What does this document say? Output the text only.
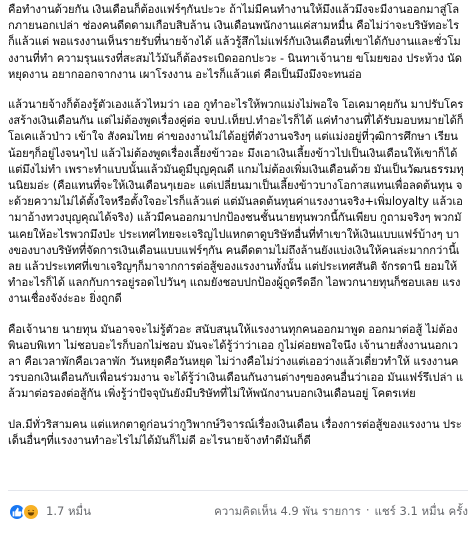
คือทำงานด้วยกัน เงินเดือนก็ต้องแฟร์ๆกันปะวะ ถ้าไม่มีคนทำงานให้มึงแล้วมึงจะมีงานออกมาสู่โลกภายนอกเปล่า ช่องคนดีดดามเกือบสิบล้าน เงินเดือนพนักงานแค่สามหมื่น คือไม่ว่าจะบริษัทอะไรก็แล้วแต่ พอแรงงานเห็นรายรับที่นายจ้างได้ แล้วรู้สึกไม่แฟร์กับเงินเดือนที่เขาได้กับงานและชั่วโมงงานที่ทำ ความรุนแรงที่สะสมไว้มันก็ต้องระเบิดออกปะวะ - นินทาเจ้านาย ขโมยของ ประท้วง นัดหยุดงาน อยากออกจากงาน เผาโรงงาน อะไรก็แล้วแต่ คือเป็นมึงมึงจะทนอ่อ

แล้วนายจ้างก็ต้องรู้ตัวเองแล้วไหมว่า เออ กูทำอะไรให้พวกแม่งไม่พอใจ โอเคมาคุยกัน มาปรับโครงสร้างเงินเดือนกัน แต่ไม่ต้องพูดเรื่องคู่ต่อ จบป.เท็ยป.ทำอะไรก็ได้ แค่ทำงานที่ได้รับมอบหมายได้ก็โอเคแล้วป่าว เข้าใจ สังคมไทย ค่าของงานไม่ได้อยู่ที่ตัวงานจริงๆ แต่แม่งอยู่ที่วุฒิการศึกษา เรียนน้อยๆก็อยู่ไงจนๆไป แล้วไม่ต้องพูดเรื่องเลี้ยงข้าวอะ มึงเอาเงินเลี้ยงข้าวไปเป็นเงินเดือนให้เขาก็ได้ แต่มึงไม่ทำ เพราะทำแบบนั้นแล้วมันดูมีบุญคุณดี แกมไม่ต้องเพิ่มเงินเดือนด้วย มันเป็นวัฒนธรรมทุนนิยมอ่ะ (คือแทนที่จะให้เงินเดือนๆเยอะ แต่เปลี่ยนมาเป็นเลี้ยงข้าวบางโอกาสแทนเพื่อลดต้นทุน จะด้วยความไม่ได้ตั้งใจหรือตั้งใจอะไรก็แล้วแต่ แต่มันลดต้นทุนค่าแรงงานจริง+เพิ่มloyalty แล้วเอามาอ้างทวงบุญคุณได้จริง) แล้วมีคนออกมาปกป้องชนชั้นนายทุนพวกนี้กันเพียบ กูถามจริงๆ พวกมันเคยให้อะไรพวกมึงป่ะ ประเทศไทยจะเจริญไปแหกตาดูบริษัทอื่นที่ทำเขาให้เงินแบบแฟร์บ้างๆ บางของบางบริษัทที่จัดการเงินเดือนแบบแฟร์ๆกัน คนดีดตามไม่ถึงล้านยังแบ่งเงินให้คนล่ะมากกว่านี้เลย แล้วประเทศที่เขาเจริญๆก็มาจากการต่อสู้ของแรงงานทั้งนั้น แต่ประเทศสันติ จักรดานี ยอมให้ทำอะไรก็ได้ แลกกับการอยู่รอดไปวันๆ แถมยังชอบปกป้องผู้ถูดรีดอีก ไอพวกนายทุนก็ชอบเลย แรงงานเชื่องจังง่ะอะ ยิ่งถูกดี

คือเจ้านาย นายทุน มันอาจจะไม่รู้ตัวอะ สนับสนุนให้แรงงานทุกคนออกมาพูด ออกมาต่อสู้ ไม่ต้องพินอบพิเทา ไม่ชอบอะไรก็บอกไม่ชอบ มันจะได้รู้ว่าว่าเออ กูไม่ค่อยพอใจนึง เจ้านายสั่งงานนอกเวลา คือเวลาพักคือเวลาพัก วันหยุดคือวันหยุด ไม่ว่างคือไม่ว่างแต่เออว่างแล้วเดี่ยวทำให้ แรงงานควรบอกเงินเดือนกับเพื่อนร่วมงาน จะได้รู้ว่าเงินเดือนกันงานต่างๆของคนอื่นว่าเออ มันแฟร์รึเปล่า แล้วมาต่อรองต่อสู้กัน เพิ่งรู้ว่าปัจจุบันยังมีบริษัทที่ไม่ให้พนักงานบอกเงินเดือนอยู่ โคตรเห่ย

ปล.มีทั่วริสามคน แต่แหกตาดูก่อนว่ากูวิพากษ์วิจารณ์เรื่องเงินเดือน เรื่องการต่อสู้ของแรงงาน ประเด็นอื่นๆที่แรงงานทำอะไรไม่ได้มันก็ไม่ดี อะไรนายจ้างทำดีมันก็ดี

1.7 หมื่น	ความคิดเห็น 4.9 พัน รายการ · แชร์ 3.1 หมื่น ครั้ง
